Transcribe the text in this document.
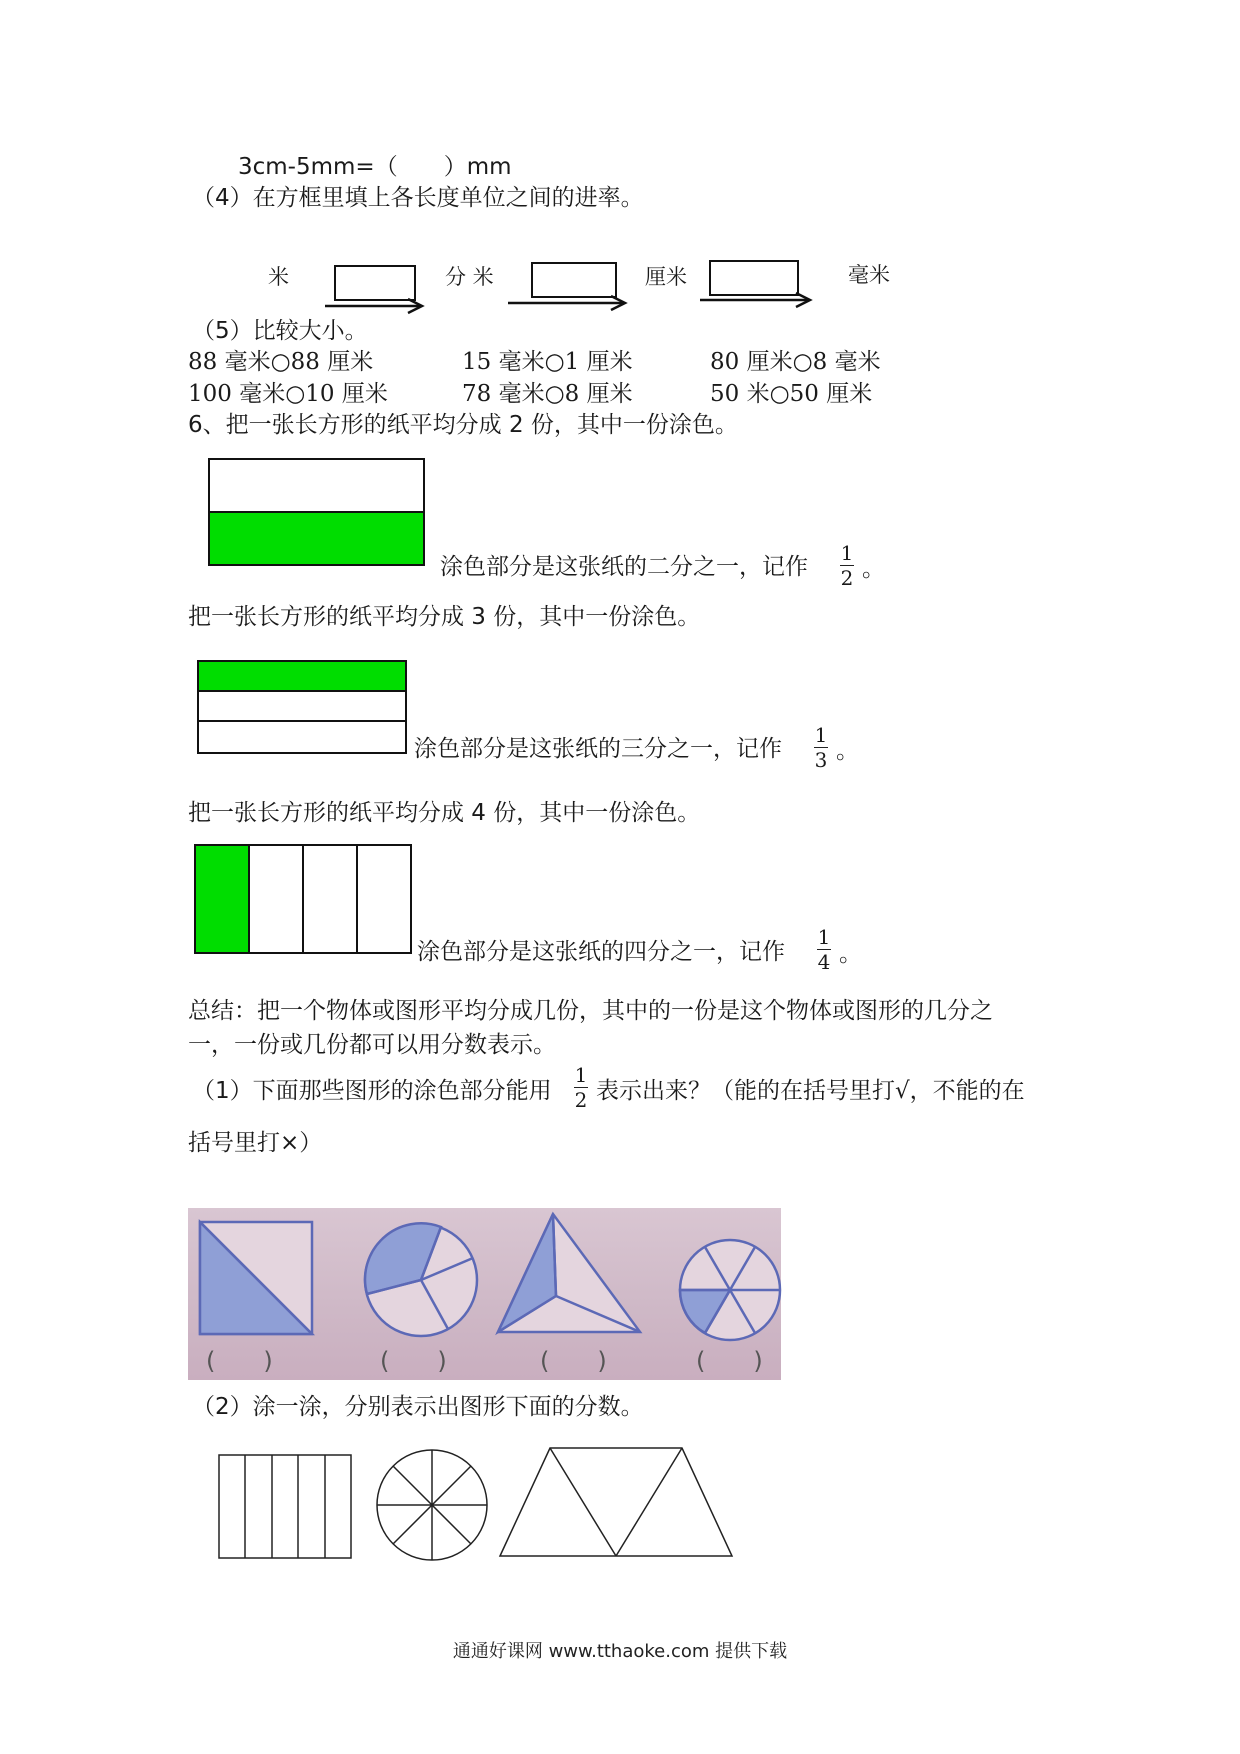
3cm-5mm=（　　）mm
（4）在方框里填上各长度单位之间的进率。
米	分 米	厘米	毫米
（5）比较大小。
88 毫米○88 厘米	15 毫米○1 厘米	80 厘米○8 毫米
100 毫米○10 厘米	78 毫米○8 厘米	50 米○50 厘米
6、把一张长方形的纸平均分成 2 份，其中一份涂色。
涂色部分是这张纸的二分之一，记作
1
2 。
把一张长方形的纸平均分成 3 份，其中一份涂色。
涂色部分是这张纸的三分之一，记作
1
3 。
把一张长方形的纸平均分成 4 份，其中一份涂色。
涂色部分是这张纸的四分之一，记作
1
4 。
总结：把一个物体或图形平均分成几份，其中的一份是这个物体或图形的几分之
一，一份或几份都可以用分数表示。
（1）下面那些图形的涂色部分能用
1
2 表示出来？（能的在括号里打√，不能的在
括号里打×）
(　　)	(　　)	(　　)	(　　)
（2）涂一涂，分别表示出图形下面的分数。
通通好课网 www.tthaoke.com 提供下载
